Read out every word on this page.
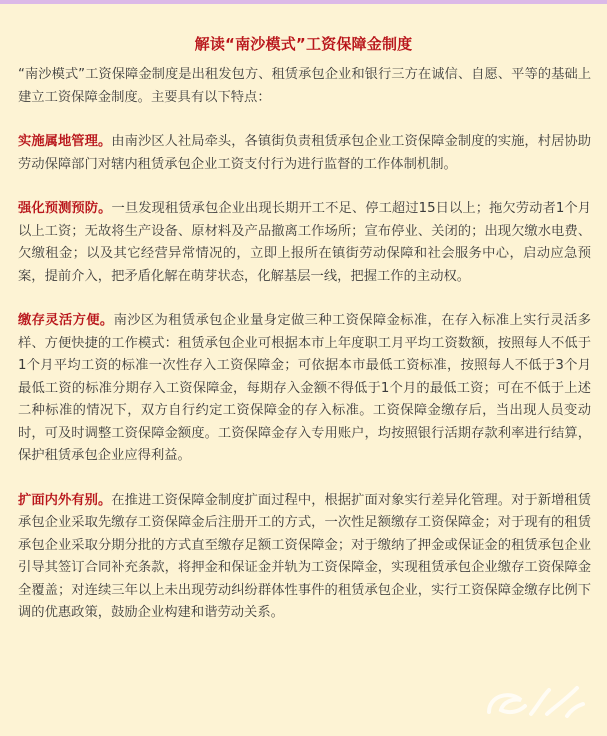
解读“南沙模式”工资保障金制度

“南沙模式”工资保障金制度是出租发包方、租赁承包企业和银行三方在诚信、自愿、平等的基础上建立工资保障金制度。主要具有以下特点：

实施属地管理。由南沙区人社局牵头，各镇街负责租赁承包企业工资保障金制度的实施，村居协助劳动保障部门对辖内租赁承包企业工资支付行为进行监督的工作体制机制。

强化预测预防。一旦发现租赁承包企业出现长期开工不足、停工超过15日以上；拖欠劳动者1个月以上工资；无故将生产设备、原材料及产品撤离工作场所；宣布停业、关闭的；出现欠缴水电费、欠缴租金；以及其它经营异常情况的，立即上报所在镇街劳动保障和社会服务中心，启动应急预案，提前介入，把矛盾化解在萌芽状态，化解基层一线，把握工作的主动权。

缴存灵活方便。南沙区为租赁承包企业量身定做三种工资保障金标准，在存入标准上实行灵活多样、方便快捷的工作模式：租赁承包企业可根据本市上年度职工月平均工资数额，按照每人不低于1个月平均工资的标准一次性存入工资保障金；可依据本市最低工资标准，按照每人不低于3个月最低工资的标准分期存入工资保障金，每期存入金额不得低于1个月的最低工资；可在不低于上述二种标准的情况下，双方自行约定工资保障金的存入标准。工资保障金缴存后，当出现人员变动时，可及时调整工资保障金额度。工资保障金存入专用账户，均按照银行活期存款利率进行结算，保护租赁承包企业应得利益。

扩面内外有别。在推进工资保障金制度扩面过程中，根据扩面对象实行差异化管理。对于新增租赁承包企业采取先缴存工资保障金后注册开工的方式，一次性足额缴存工资保障金；对于现有的租赁承包企业采取分期分批的方式直至缴存足额工资保障金；对于缴纳了押金或保证金的租赁承包企业引导其签订合同补充条款，将押金和保证金并轨为工资保障金，实现租赁承包企业缴存工资保障金全覆盖；对连续三年以上未出现劳动纠纷群体性事件的租赁承包企业，实行工资保障金缴存比例下调的优惠政策，鼓励企业构建和谐劳动关系。
